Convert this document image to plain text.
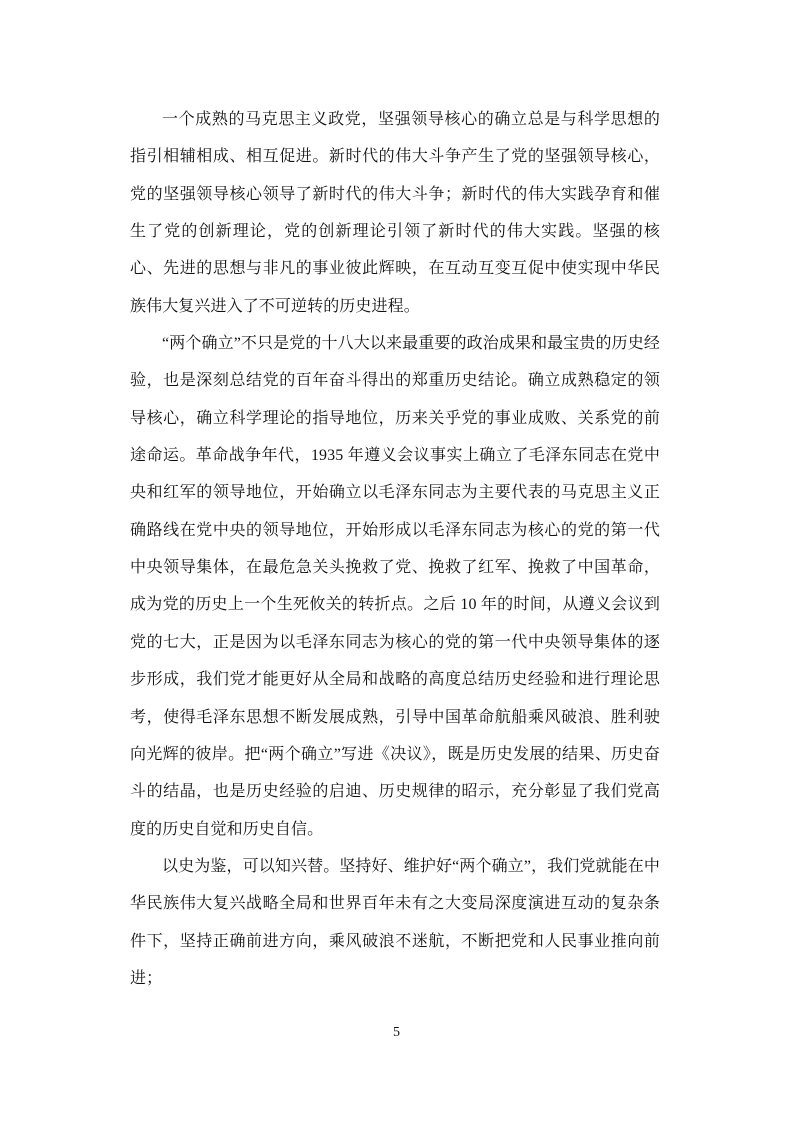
一个成熟的马克思主义政党，坚强领导核心的确立总是与科学思想的指引相辅相成、相互促进。新时代的伟大斗争产生了党的坚强领导核心，党的坚强领导核心领导了新时代的伟大斗争；新时代的伟大实践孕育和催生了党的创新理论，党的创新理论引领了新时代的伟大实践。坚强的核心、先进的思想与非凡的事业彼此辉映，在互动互变互促中使实现中华民族伟大复兴进入了不可逆转的历史进程。

“两个确立”不只是党的十八大以来最重要的政治成果和最宝贵的历史经验，也是深刻总结党的百年奋斗得出的郑重历史结论。确立成熟稳定的领导核心，确立科学理论的指导地位，历来关乎党的事业成败、关系党的前途命运。革命战争年代，1935 年遵义会议事实上确立了毛泽东同志在党中央和红军的领导地位，开始确立以毛泽东同志为主要代表的马克思主义正确路线在党中央的领导地位，开始形成以毛泽东同志为核心的党的第一代中央领导集体，在最危急关头挽救了党、挽救了红军、挽救了中国革命，成为党的历史上一个生死攸关的转折点。之后 10 年的时间，从遵义会议到党的七大，正是因为以毛泽东同志为核心的党的第一代中央领导集体的逐步形成，我们党才能更好从全局和战略的高度总结历史经验和进行理论思考，使得毛泽东思想不断发展成熟，引导中国革命航船乘风破浪、胜利驶向光辉的彼岸。把“两个确立”写进《决议》，既是历史发展的结果、历史奋斗的结晶，也是历史经验的启迪、历史规律的昭示，充分彰显了我们党高度的历史自觉和历史自信。

以史为鉴，可以知兴替。坚持好、维护好“两个确立”，我们党就能在中华民族伟大复兴战略全局和世界百年未有之大变局深度演进互动的复杂条件下，坚持正确前进方向，乘风破浪不迷航，不断把党和人民事业推向前进；

5
